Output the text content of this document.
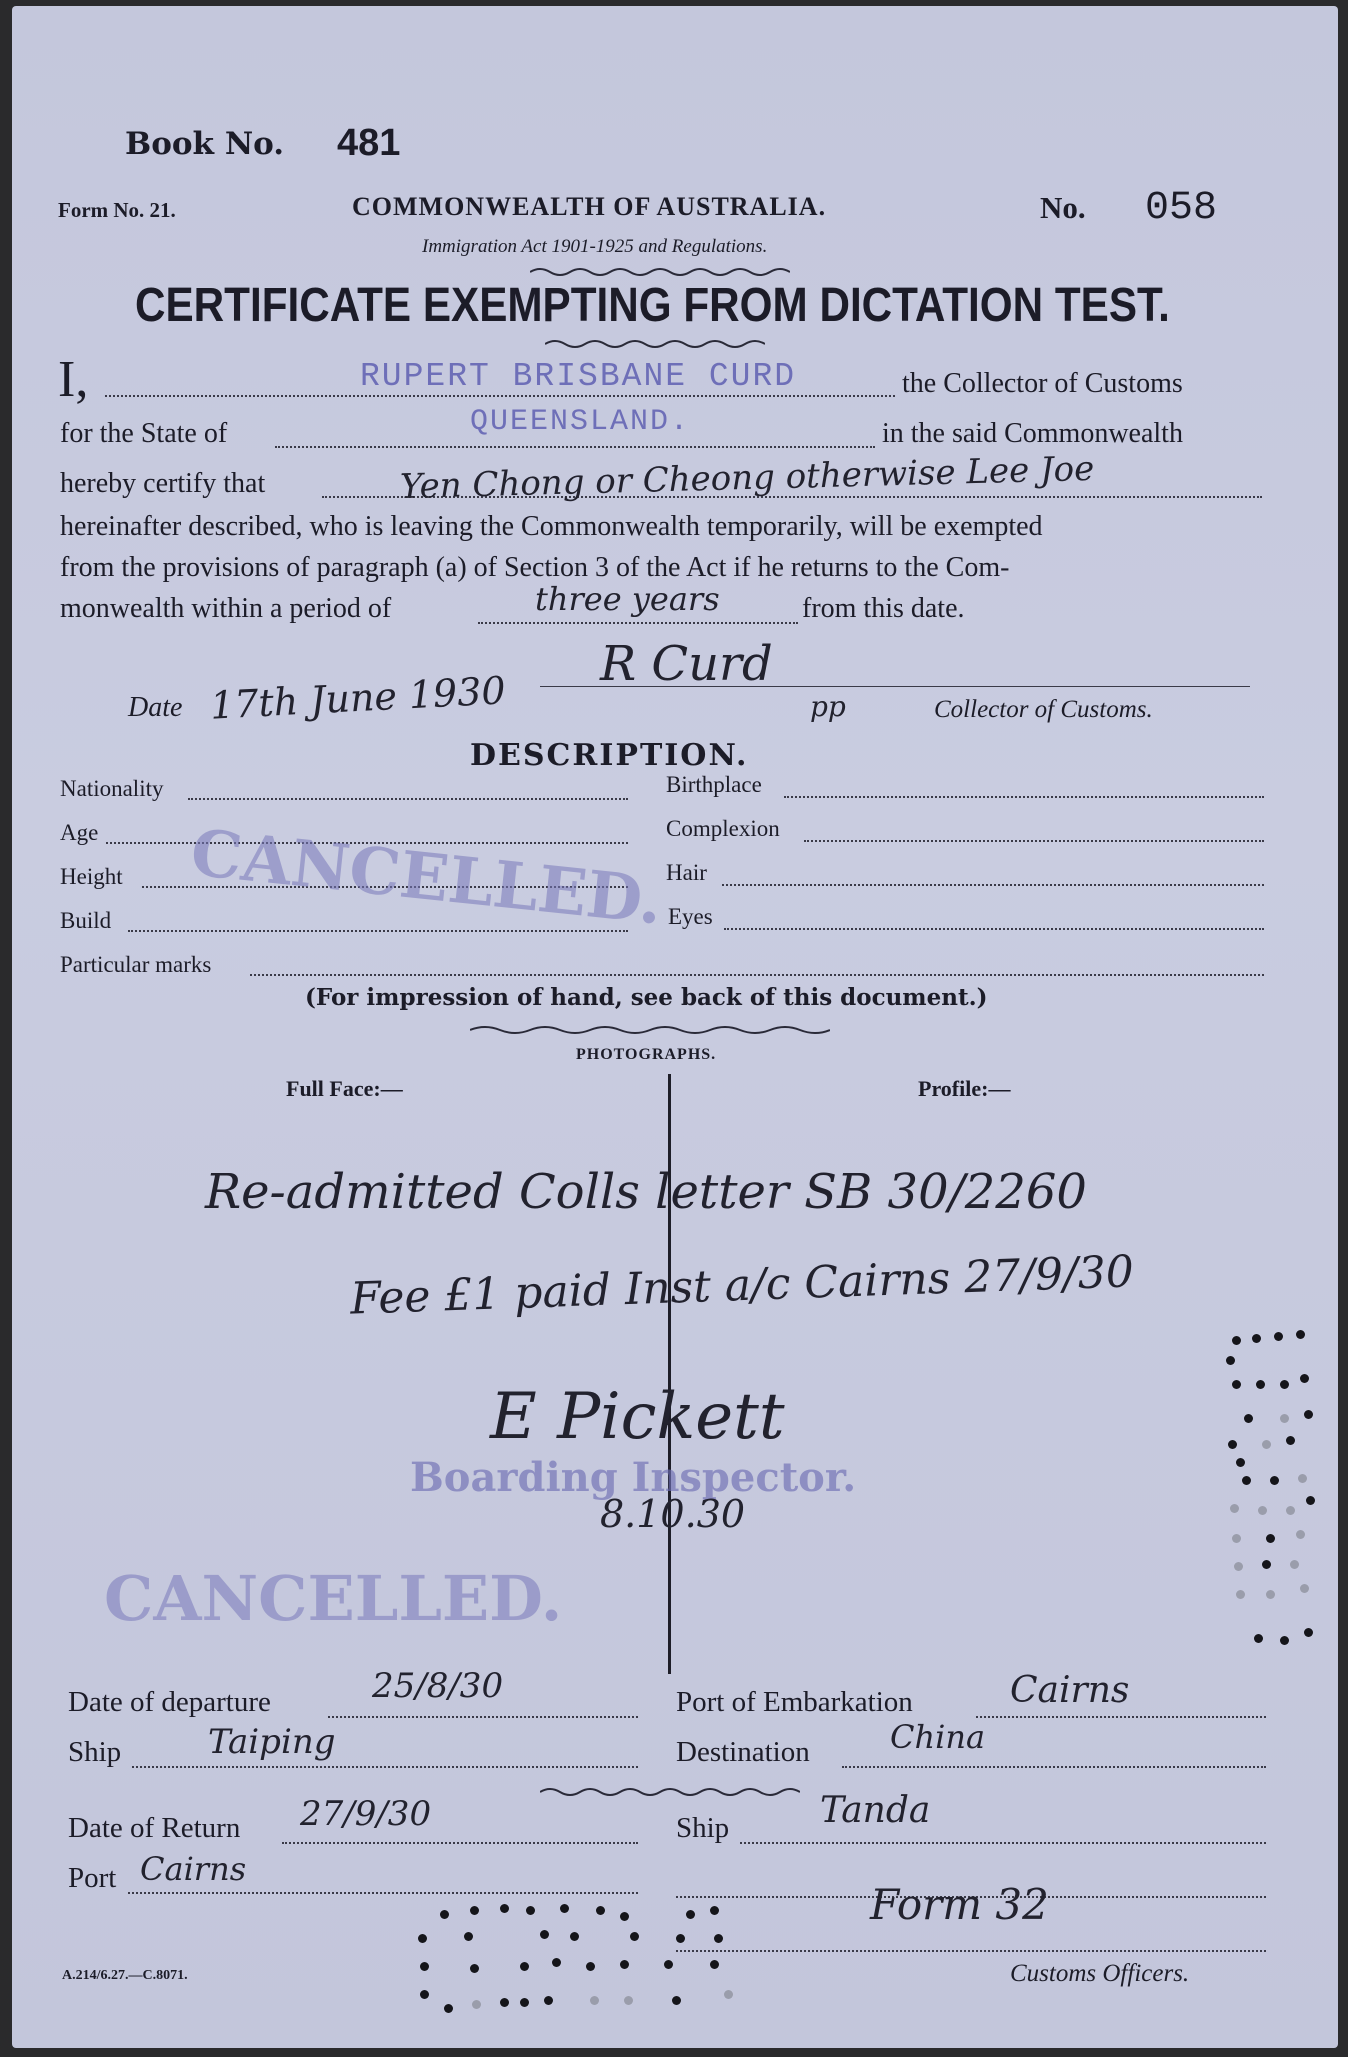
Book No. 481
Form No. 21.	COMMONWEALTH OF AUSTRALIA.	No. 058
Immigration Act 1901-1925 and Regulations.
CERTIFICATE EXEMPTING FROM DICTATION TEST.
I,	RUPERT BRISBANE CURD	the Collector of Customs
for the State of	QUEENSLAND.	in the said Commonwealth
hereby certify that	Yen Chong or Cheong otherwise Lee Joe
hereinafter described, who is leaving the Commonwealth temporarily, will be exempted
from the provisions of paragraph (a) of Section 3 of the Act if he returns to the Com-
monwealth within a period of	three years	from this date.
Date 17th June 1930
R Curd
pp	Collector of Customs.
DESCRIPTION.
Nationality	Birthplace
Age	Complexion
Height	Hair
Build	Eyes
Particular marks
CANCELLED.
(For impression of hand, see back of this document.)
PHOTOGRAPHS.
Full Face:—	Profile:—
Re-admitted Colls letter SB 30/2260
Fee £1 paid Inst a/c Cairns 27/9/30
E Pickett
Boarding Inspector.
8.10.30
CANCELLED.
Date of departure	25/8/30	Port of Embarkation	Cairns
Ship	Taiping	Destination	China
Date of Return 27/9/30	Ship	Tanda
Port Cairns
Form 32
A.214/6.27.—C.8071.	Customs Officers.
